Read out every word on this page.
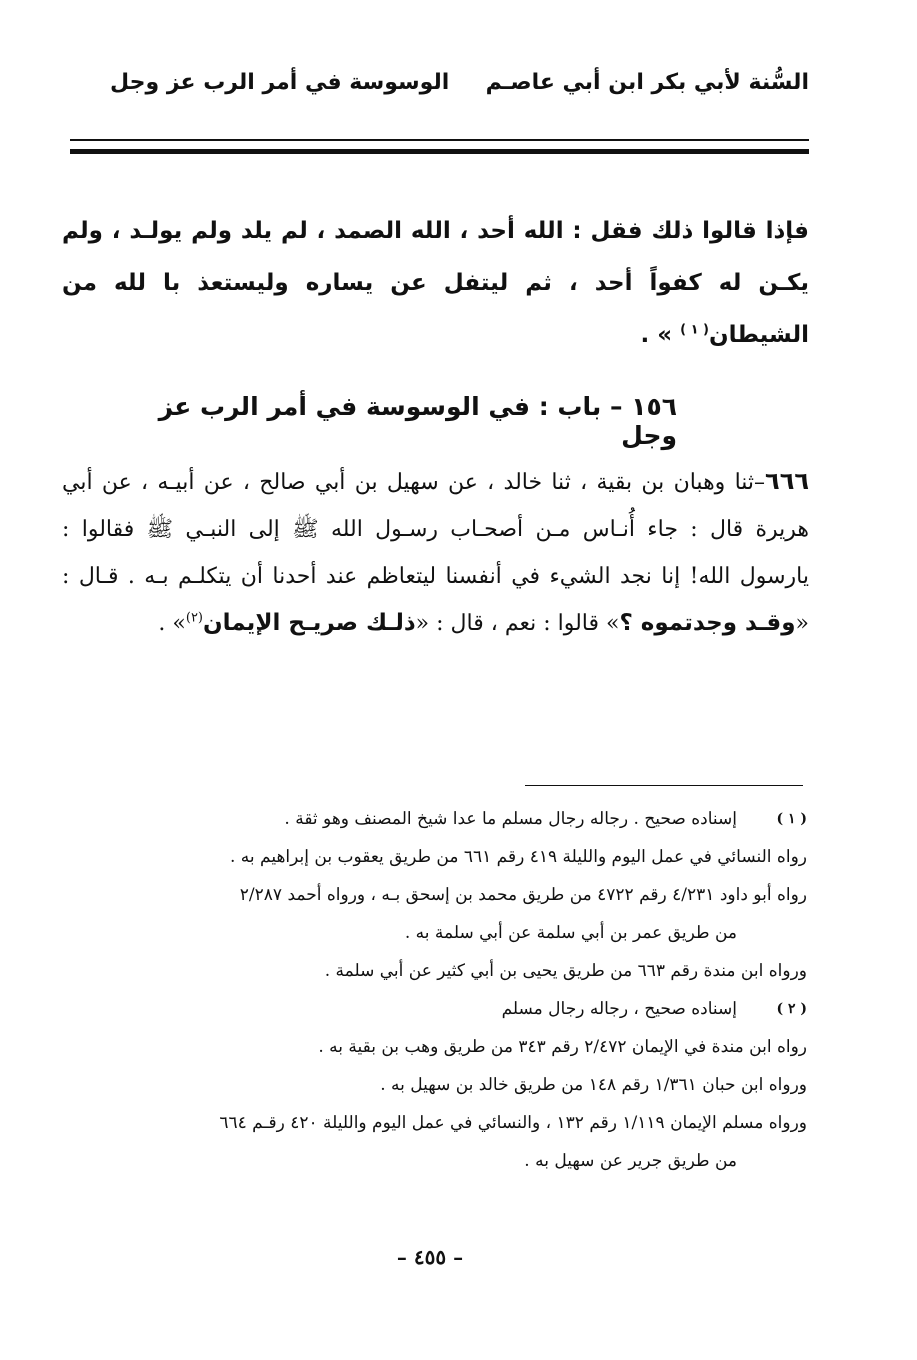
السُّنة لأبي بكر ابن أبي عاصـم
الوسوسة في أمر الرب عز وجل
فإذا قالوا ذلك فقل : الله أحد ، الله الصمد ، لم يلد ولم يولـد ، ولم يكـن له كفواً أحد ، ثم ليتفل عن يساره وليستعذ با لله من الشيطان$^{( ١ )}$ » .
١٥٦ – باب : في الوسوسة في أمر الرب عز وجل
٦٦٦–ثنا وهبان بن بقية ، ثنا خالد ، عن سهيل بن أبي صالح ، عن أبيـه ، عن أبي هريرة قال : جاء أُنـاس مـن أصحـاب رسـول الله ﷺ إلى النبـي ﷺ فقالوا : يارسول الله! إنا نجد الشيء في أنفسنا ليتعاظم عند أحدنا أن يتكلـم بـه . قـال : «وقـد وجدتموه ؟» قالوا : نعم ، قال : «ذلـك صريـح الإيمان$^{(٢)}$» .
( ١ )
إسناده صحيح . رجاله رجال مسلم ما عدا شيخ المصنف وهو ثقة .
رواه النسائي في عمل اليوم والليلة ٤١٩ رقم ٦٦١ من طريق يعقوب بن إبراهيم به .
رواه أبو داود ٤/٢٣١ رقم ٤٧٢٢ من طريق محمد بن إسحق بـه ، ورواه أحمد ٢/٢٨٧
من طريق عمر بن أبي سلمة عن أبي سلمة به .
ورواه ابن مندة رقم ٦٦٣ من طريق يحيى بن أبي كثير عن أبي سلمة .
( ٢ )
إسناده صحيح ، رجاله رجال مسلم
رواه ابن مندة في الإيمان ٢/٤٧٢ رقم ٣٤٣ من طريق وهب بن بقية به .
ورواه ابن حبان ١/٣٦١ رقم ١٤٨ من طريق خالد بن سهيل به .
ورواه مسلم الإيمان ١/١١٩ رقم ١٣٢ ، والنسائي في عمل اليوم والليلة ٤٢٠ رقـم ٦٦٤
من طريق جرير عن سهيل به .
– ٤٥٥ –
